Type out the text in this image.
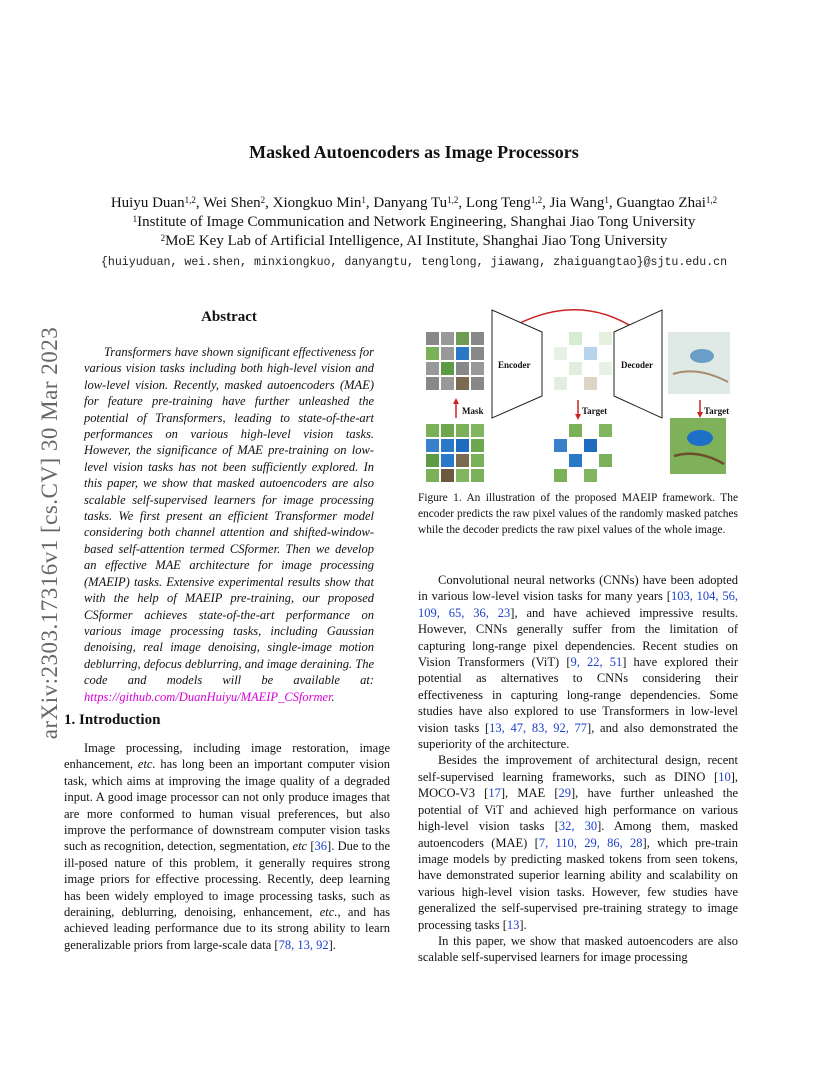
arXiv:2303.17316v1 [cs.CV] 30 Mar 2023
Masked Autoencoders as Image Processors
Huiyu Duan$^{1,2}$, Wei Shen$^2$, Xiongkuo Min$^1$, Danyang Tu$^{1,2}$, Long Teng$^{1,2}$, Jia Wang$^1$, Guangtao Zhai$^{1,2}$
$^1$Institute of Image Communication and Network Engineering, Shanghai Jiao Tong University
$^2$MoE Key Lab of Artificial Intelligence, AI Institute, Shanghai Jiao Tong University
{huiyuduan, wei.shen, minxiongkuo, danyangtu, tenglong, jiawang, zhaiguangtao}@sjtu.edu.cn
Abstract

Transformers have shown significant effectiveness for various vision tasks including both high-level vision and low-level vision. Recently, masked autoencoders (MAE) for feature pre-training have further unleashed the potential of Transformers, leading to state-of-the-art performances on various high-level vision tasks. However, the significance of MAE pre-training on low-level vision tasks has not been sufficiently explored. In this paper, we show that masked autoencoders are also scalable self-supervised learners for image processing tasks. We first present an efficient Transformer model considering both channel attention and shifted-window-based self-attention termed CSformer. Then we develop an effective MAE architecture for image processing (MAEIP) tasks. Extensive experimental results show that with the help of MAEIP pre-training, our proposed CSformer achieves state-of-the-art performance on various image processing tasks, including Gaussian denoising, real image denoising, single-image motion deblurring, defocus deblurring, and image deraining. The code and models will be available at: https://github.com/DuanHuiyu/MAEIP_CSformer.

1. Introduction

Image processing, including image restoration, image enhancement, etc. has long been an important computer vision task, which aims at improving the image quality of a degraded input. A good image processor can not only produce images that are more conformed to human visual preferences, but also improve the performance of downstream computer vision tasks such as recognition, detection, segmentation, etc [36]. Due to the ill-posed nature of this problem, it generally requires strong image priors for effective processing. Recently, deep learning has been widely employed to image processing tasks, such as deraining, deblurring, denoising, enhancement, etc., and has achieved leading performance due to its strong ability to learn generalizable priors from large-scale data [78, 13, 92].

Encoder	Decoder
Mask	Target	Target
Figure 1. An illustration of the proposed MAEIP framework. The encoder predicts the raw pixel values of the randomly masked patches while the decoder predicts the raw pixel values of the whole image.

Convolutional neural networks (CNNs) have been adopted in various low-level vision tasks for many years [103, 104, 56, 109, 65, 36, 23], and have achieved impressive results. However, CNNs generally suffer from the limitation of capturing long-range pixel dependencies. Recent studies on Vision Transformers (ViT) [9, 22, 51] have explored their potential as alternatives to CNNs considering their effectiveness in capturing long-range dependencies. Some studies have also explored to use Transformers in low-level vision tasks [13, 47, 83, 92, 77], and also demonstrated the superiority of the architecture.

Besides the improvement of architectural design, recent self-supervised learning frameworks, such as DINO [10], MOCO-V3 [17], MAE [29], have further unleashed the potential of ViT and achieved high performance on various high-level vision tasks [32, 30]. Among them, masked autoencoders (MAE) [7, 110, 29, 86, 28], which pre-train image models by predicting masked tokens from seen tokens, have demonstrated superior learning ability and scalability on various high-level vision tasks. However, few studies have generalized the self-supervised pre-training strategy to image processing tasks [13].

In this paper, we show that masked autoencoders are also scalable self-supervised learners for image processing
